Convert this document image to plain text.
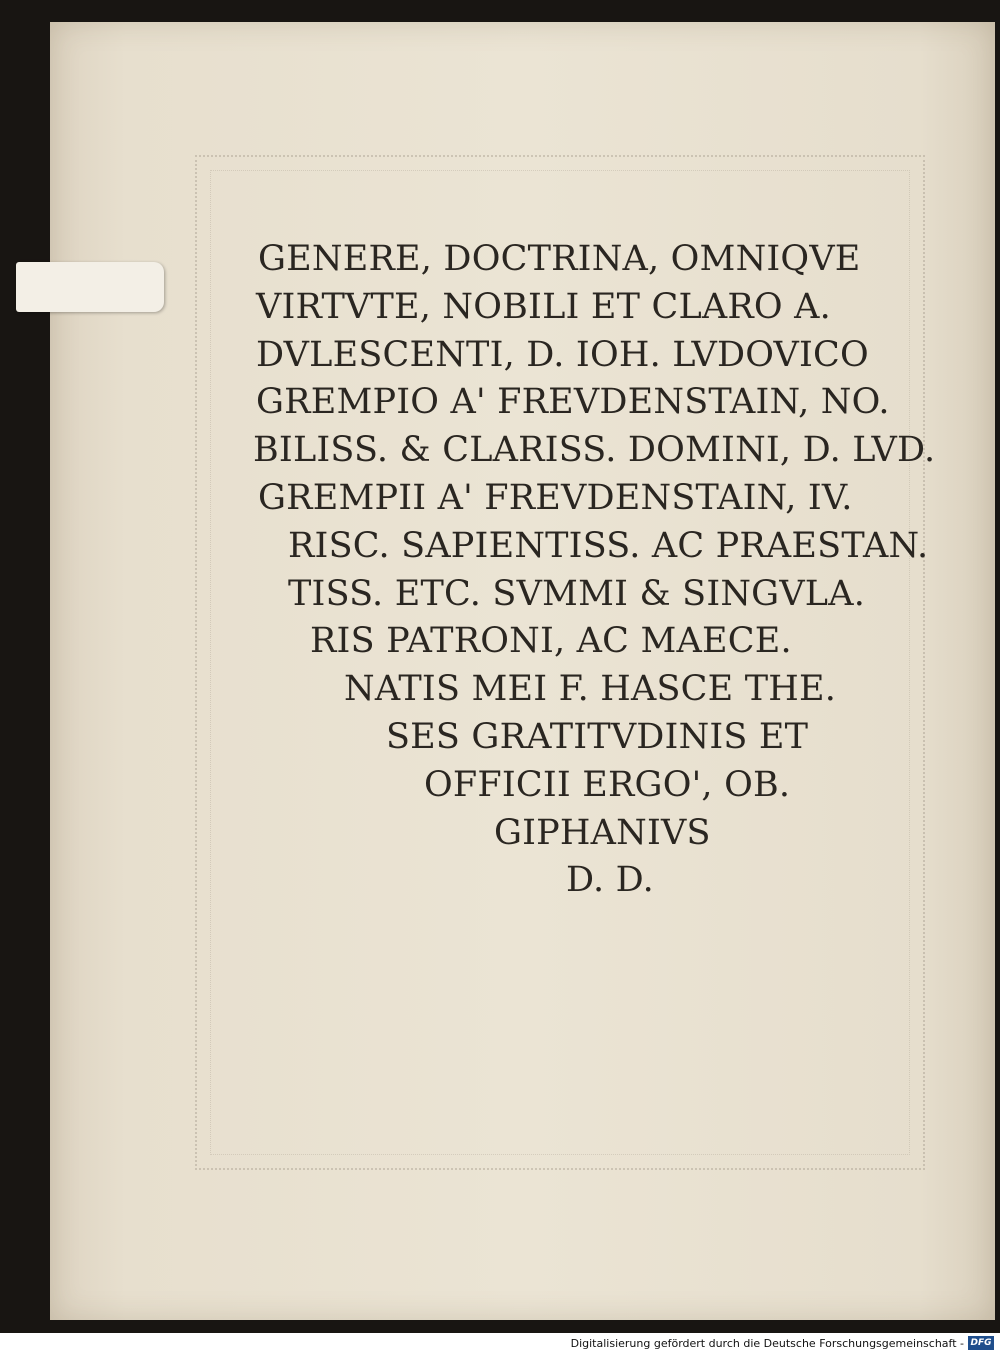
GENERE, DOCTRINA, OMNIQVE
VIRTVTE, NOBILI ET CLARO A.
DVLESCENTI, D. IOH. LVDOVICO
GREMPIO A' FREVDENSTAIN, NO.
BILISS. & CLARISS. DOMINI, D. LVD.
GREMPII A' FREVDENSTAIN, IV.
RISC. SAPIENTISS. AC PRAESTAN.
TISS. ETC. SVMMI & SINGVLA.
RIS PATRONI, AC MAECE.
NATIS MEI F. HASCE THE.
SES GRATITVDINIS ET
OFFICII ERGO', OB.
GIPHANIVS
D. D.
Digitalisierung gefördert durch die Deutsche Forschungsgemeinschaft - DFG
